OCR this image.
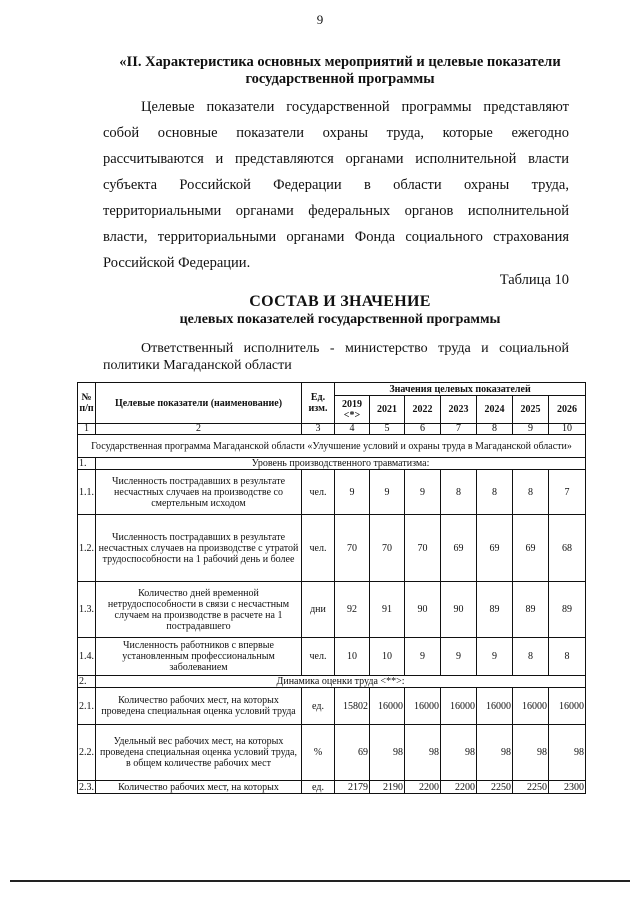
9
«II. Характеристика основных мероприятий и целевые показатели государственной программы

Целевые показатели государственной программы представляют собой основные показатели охраны труда, которые ежегодно рассчитываются и представляются органами исполнительной власти субъекта Российской Федерации в области охраны труда, территориальными органами федеральных органов исполнительной власти, территориальными органами Фонда социального страхования Российской Федерации.

Таблица 10
СОСТАВ И ЗНАЧЕНИЕ
целевых показателей государственной программы

Ответственный исполнитель - министерство труда и социальной политики Магаданской области

№ п/п	Целевые показатели (наименование)	Ед. изм.	Значения целевых показателей						
			2019 <*>	2021	2022	2023	2024	2025	2026
1	2	3	4	5	6	7	8	9	10
Государственная программа Магаданской области «Улучшение условий и охраны труда в Магаданской области»									
1.	Уровень производственного травматизма:								
1.1.	Численность пострадавших в результате несчастных случаев на производстве со смертельным исходом	чел.	9	9	9	8	8	8	7
1.2.	Численность пострадавших в результате несчастных случаев на производстве с утратой трудоспособности на 1 рабочий день и более	чел.	70	70	70	69	69	69	68
1.3.	Количество дней временной нетрудоспособности в связи с несчастным случаем на производстве в расчете на 1 пострадавшего	дни	92	91	90	90	89	89	89
1.4.	Численность работников с впервые установленным профессиональным заболеванием	чел.	10	10	9	9	9	8	8
2.	Динамика оценки труда <**>:								
2.1.	Количество рабочих мест, на которых проведена специальная оценка условий труда	ед.	15802	16000	16000	16000	16000	16000	16000
2.2.	Удельный вес рабочих мест, на которых проведена специальная оценка условий труда, в общем количестве рабочих мест	%	69	98	98	98	98	98	98
2.3.	Количество рабочих мест, на которых	ед.	2179	2190	2200	2200	2250	2250	2300
